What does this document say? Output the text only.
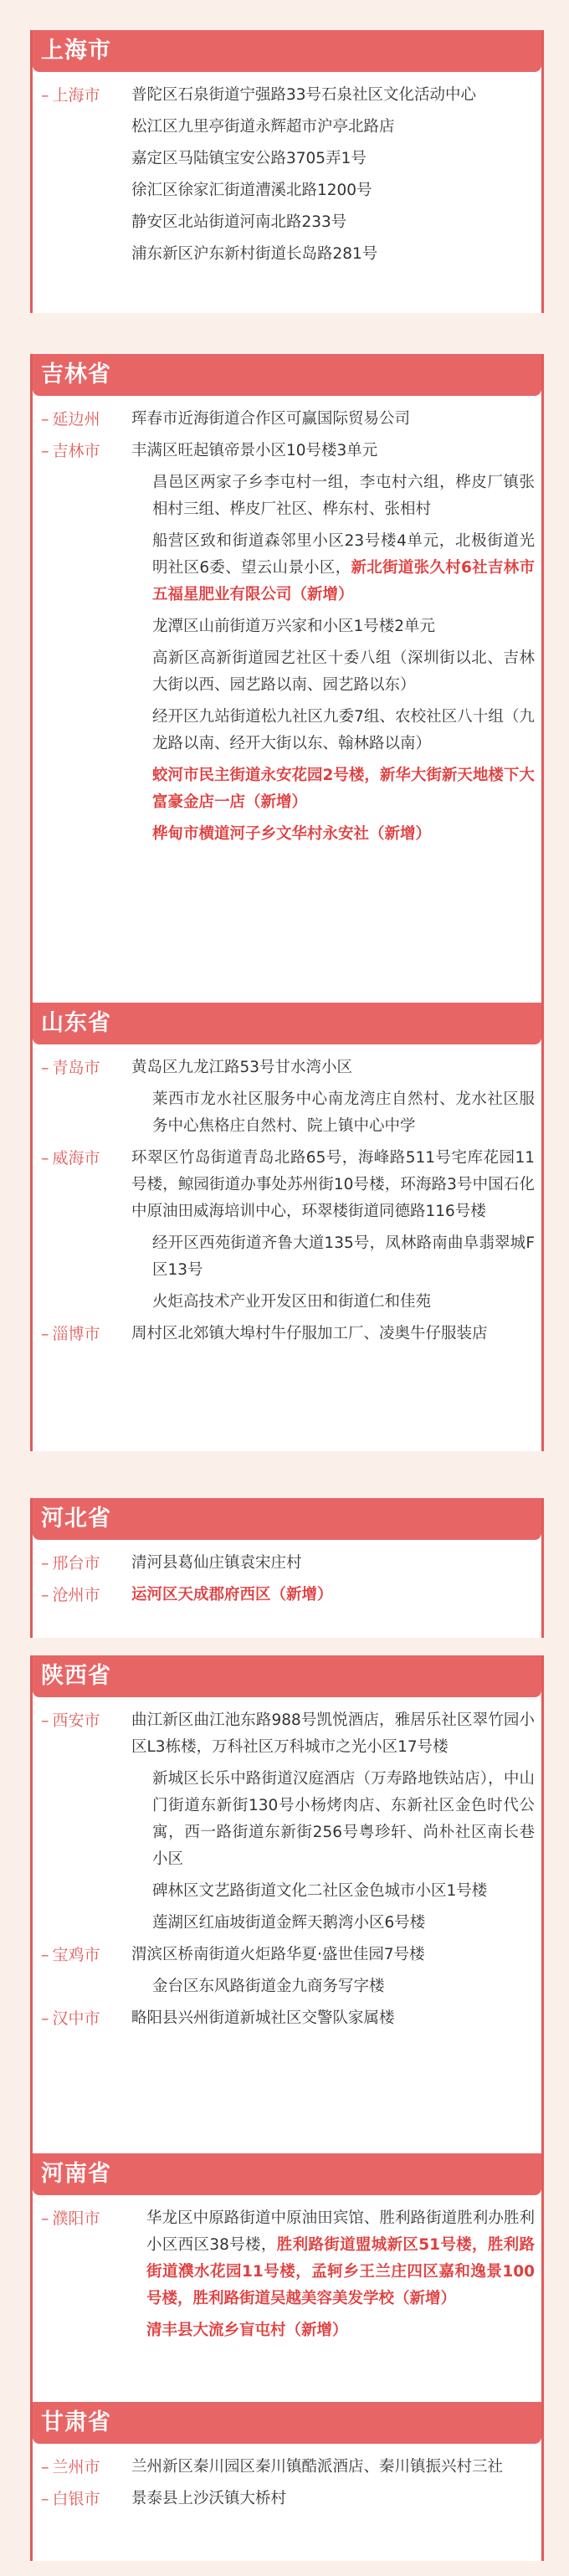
上海市
– 上海市	普陀区石泉街道宁强路33号石泉社区文化活动中心
松江区九里亭街道永辉超市沪亭北路店
嘉定区马陆镇宝安公路3705弄1号
徐汇区徐家汇街道漕溪北路1200号
静安区北站街道河南北路233号
浦东新区沪东新村街道长岛路281号
吉林省
– 延边州	珲春市近海街道合作区可赢国际贸易公司
– 吉林市	丰满区旺起镇帝景小区10号楼3单元
昌邑区两家子乡李屯村一组，李屯村六组，桦皮厂镇张相村三组、桦皮厂社区、桦东村、张相村
船营区致和街道森邻里小区23号楼4单元，北极街道光明社区6委、望云山景小区，新北街道张久村6社吉林市五福星肥业有限公司（新增）
龙潭区山前街道万兴家和小区1号楼2单元
高新区高新街道园艺社区十委八组（深圳街以北、吉林大街以西、园艺路以南、园艺路以东）
经开区九站街道松九社区九委7组、农校社区八十组（九龙路以南、经开大街以东、翰林路以南）
蛟河市民主街道永安花园2号楼，新华大街新天地楼下大富豪金店一店（新增）
桦甸市横道河子乡文华村永安社（新增）
山东省
– 青岛市	黄岛区九龙江路53号甘水湾小区
莱西市龙水社区服务中心南龙湾庄自然村、龙水社区服务中心焦格庄自然村、院上镇中心中学
– 威海市	环翠区竹岛街道青岛北路65号，海峰路511号宅库花园11号楼，鲸园街道办事处苏州街10号楼，环海路3号中国石化中原油田威海培训中心，环翠楼街道同德路116号楼
经开区西苑街道齐鲁大道135号，凤林路南曲阜翡翠城F区13号
火炬高技术产业开发区田和街道仁和佳苑
– 淄博市	周村区北郊镇大埠村牛仔服加工厂、凌奥牛仔服装店
河北省
– 邢台市	清河县葛仙庄镇袁宋庄村
– 沧州市	运河区天成郡府西区（新增）
陕西省
– 西安市	曲江新区曲江池东路988号凯悦酒店，雅居乐社区翠竹园小区L3栋楼，万科社区万科城市之光小区17号楼
新城区长乐中路街道汉庭酒店（万寿路地铁站店），中山门街道东新街130号小杨烤肉店、东新社区金色时代公寓，西一路街道东新街256号粤珍轩、尚朴社区南长巷小区
碑林区文艺路街道文化二社区金色城市小区1号楼
莲湖区红庙坡街道金辉天鹅湾小区6号楼
– 宝鸡市	渭滨区桥南街道火炬路华夏·盛世佳园7号楼
金台区东风路街道金九商务写字楼
– 汉中市	略阳县兴州街道新城社区交警队家属楼
河南省
– 濮阳市	华龙区中原路街道中原油田宾馆、胜利路街道胜利办胜利小区西区38号楼，胜利路街道盟城新区51号楼，胜利路街道濮水花园11号楼，孟轲乡王兰庄四区嘉和逸景100号楼，胜利路街道吴越美容美发学校（新增）
清丰县大流乡盲屯村（新增）
甘肃省
– 兰州市	兰州新区秦川园区秦川镇酷派酒店、秦川镇振兴村三社
– 白银市	景泰县上沙沃镇大桥村
